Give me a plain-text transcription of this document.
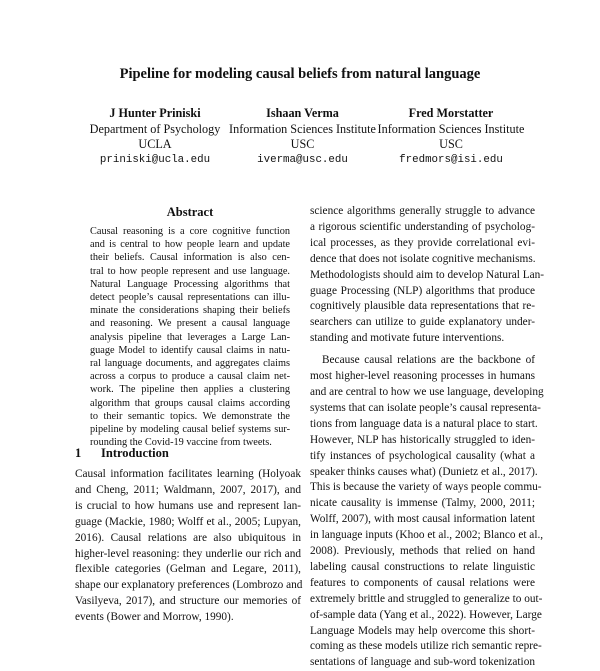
Pipeline for modeling causal beliefs from natural language
J Hunter Priniski
Department of Psychology
UCLA
priniski@ucla.edu
Ishaan Verma
Information Sciences Institute
USC
iverma@usc.edu
Fred Morstatter
Information Sciences Institute
USC
fredmors@isi.edu
Abstract
Causal reasoning is a core cognitive function
and is central to how people learn and update
their beliefs. Causal information is also cen-
tral to how people represent and use language.
Natural Language Processing algorithms that
detect people’s causal representations can illu-
minate the considerations shaping their beliefs
and reasoning. We present a causal language
analysis pipeline that leverages a Large Lan-
guage Model to identify causal claims in natu-
ral language documents, and aggregates claims
across a corpus to produce a causal claim net-
work. The pipeline then applies a clustering
algorithm that groups causal claims according
to their semantic topics. We demonstrate the
pipeline by modeling causal belief systems sur-
rounding the Covid-19 vaccine from tweets.
1 Introduction
Causal information facilitates learning (Holyoak
and Cheng, 2011; Waldmann, 2007, 2017), and
is crucial to how humans use and represent lan-
guage (Mackie, 1980; Wolff et al., 2005; Lupyan,
2016). Causal relations are also ubiquitous in
higher-level reasoning: they underlie our rich and
flexible categories (Gelman and Legare, 2011),
shape our explanatory preferences (Lombrozo and
Vasilyeva, 2017), and structure our memories of
events (Bower and Morrow, 1990).
science algorithms generally struggle to advance
a rigorous scientific understanding of psycholog-
ical processes, as they provide correlational evi-
dence that does not isolate cognitive mechanisms.
Methodologists should aim to develop Natural Lan-
guage Processing (NLP) algorithms that produce
cognitively plausible data representations that re-
searchers can utilize to guide explanatory under-
standing and motivate future interventions.
Because causal relations are the backbone of
most higher-level reasoning processes in humans
and are central to how we use language, developing
systems that can isolate people’s causal representa-
tions from language data is a natural place to start.
However, NLP has historically struggled to iden-
tify instances of psychological causality (what a
speaker thinks causes what) (Dunietz et al., 2017).
This is because the variety of ways people commu-
nicate causality is immense (Talmy, 2000, 2011;
Wolff, 2007), with most causal information latent
in language inputs (Khoo et al., 2002; Blanco et al.,
2008). Previously, methods that relied on hand
labeling causal constructions to relate linguistic
features to components of causal relations were
extremely brittle and struggled to generalize to out-
of-sample data (Yang et al., 2022). However, Large
Language Models may help overcome this short-
coming as these models utilize rich semantic repre-
sentations of language and sub-word tokenization
